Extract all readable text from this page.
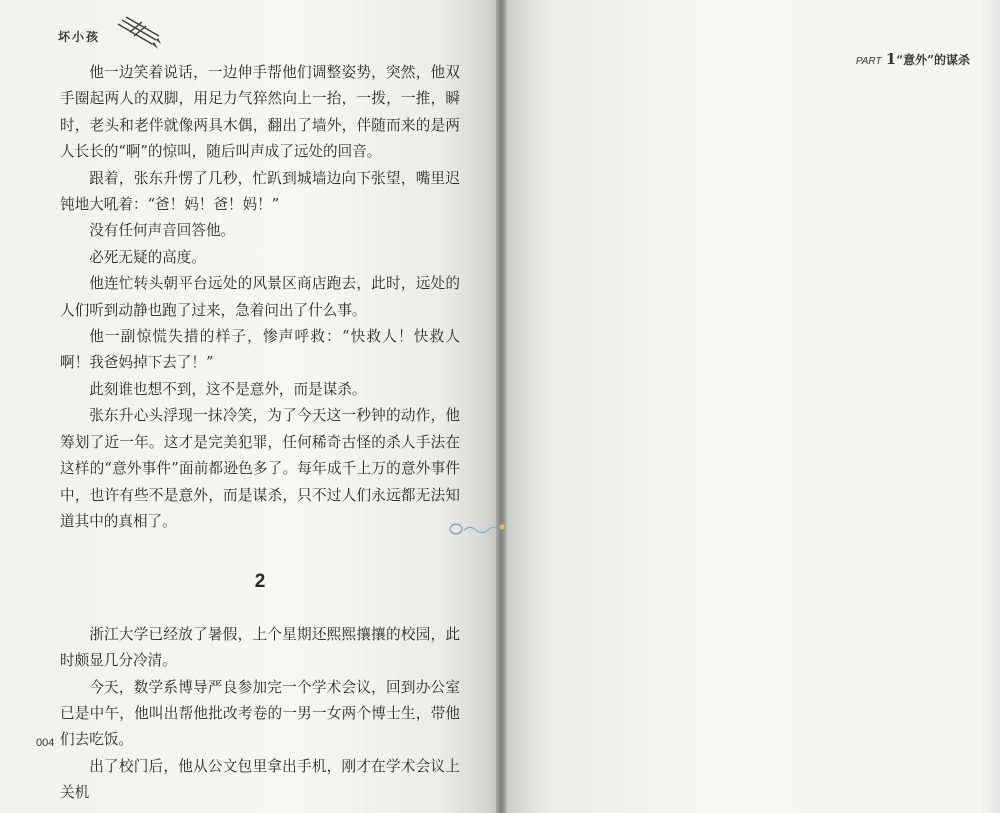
坏小孩

他一边笑着说话，一边伸手帮他们调整姿势，突然，他双手圈起两人的双脚，用足力气猝然向上一抬，一拨，一推，瞬时，老头和老伴就像两具木偶，翻出了墙外，伴随而来的是两人长长的“啊”的惊叫，随后叫声成了远处的回音。

跟着，张东升愣了几秒，忙趴到城墙边向下张望，嘴里迟钝地大吼着：“爸！妈！爸！妈！”

没有任何声音回答他。

必死无疑的高度。

他连忙转头朝平台远处的风景区商店跑去，此时，远处的人们听到动静也跑了过来，急着问出了什么事。

他一副惊慌失措的样子，惨声呼救：“快救人！快救人啊！我爸妈掉下去了！”

此刻谁也想不到，这不是意外，而是谋杀。

张东升心头浮现一抹冷笑，为了今天这一秒钟的动作，他筹划了近一年。这才是完美犯罪，任何稀奇古怪的杀人手法在这样的“意外事件”面前都逊色多了。每年成千上万的意外事件中，也许有些不是意外，而是谋杀，只不过人们永远都无法知道其中的真相了。

2

浙江大学已经放了暑假，上个星期还熙熙攘攘的校园，此时颇显几分冷清。

今天，数学系博导严良参加完一个学术会议，回到办公室已是中午，他叫出帮他批改考卷的一男一女两个博士生，带他们去吃饭。

出了校门后，他从公文包里拿出手机，刚才在学术会议上关机

004
PART 1“意外”的谋杀
